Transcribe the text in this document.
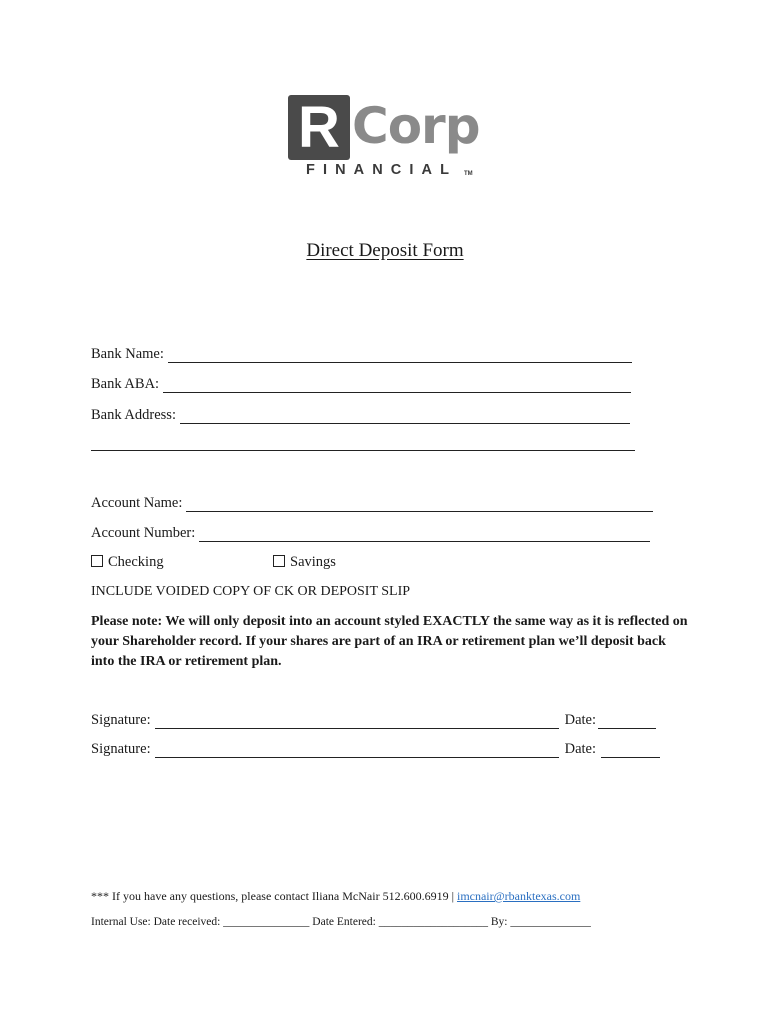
R Corp
FINANCIAL TM
Direct Deposit Form
Bank Name:
Bank ABA:
Bank Address:
Account Name:
Account Number:
Checking	Savings
INCLUDE VOIDED COPY OF CK OR DEPOSIT SLIP
Please note: We will only deposit into an account styled EXACTLY the same way as it is reflected on your Shareholder record. If your shares are part of an IRA or retirement plan we’ll deposit back into the IRA or retirement plan.
Signature:	Date:
Signature:	Date:
*** If you have any questions, please contact Iliana McNair 512.600.6919 | imcnair@rbanktexas.com
Internal Use: Date received: _______________ Date Entered: ___________________ By: ______________
